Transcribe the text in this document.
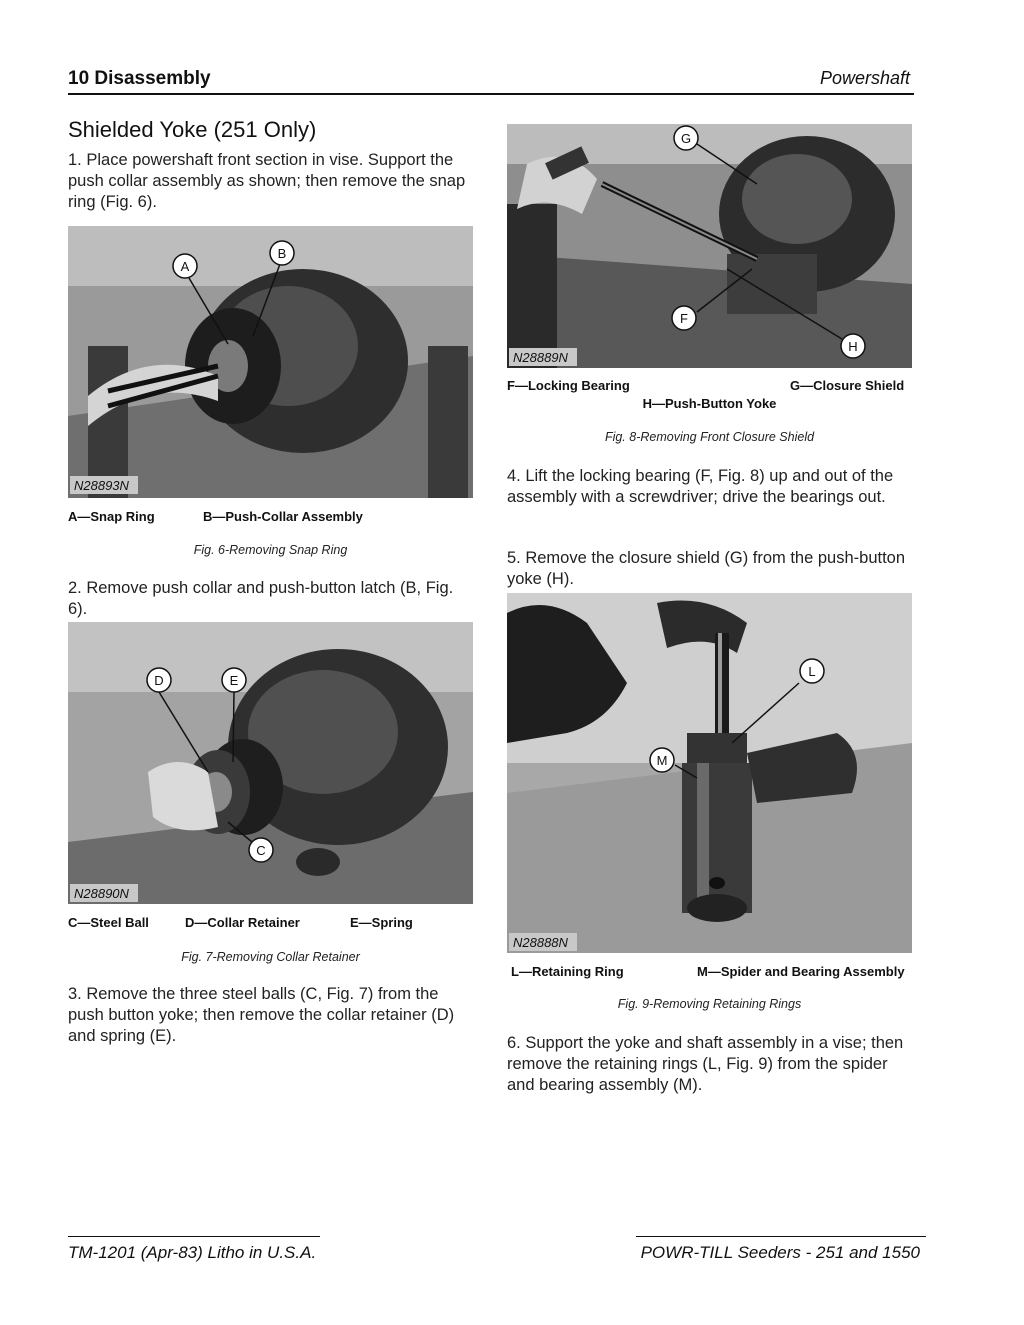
10 Disassembly	Powershaft
Shielded Yoke (251 Only)
1. Place powershaft front section in vise. Support the push collar assembly as shown; then remove the snap ring (Fig. 6).
A
B
N28893N
A—Snap Ring	B—Push-Collar Assembly
Fig. 6-Removing Snap Ring
2. Remove push collar and push-button latch (B, Fig. 6).
D	E
C
N28890N
C—Steel Ball	D—Collar Retainer	E—Spring
Fig. 7-Removing Collar Retainer
3. Remove the three steel balls (C, Fig. 7) from the push button yoke; then remove the collar retainer (D) and spring (E).
G
F
H
N28889N
F—Locking Bearing	G—Closure Shield
H—Push-Button Yoke
Fig. 8-Removing Front Closure Shield
4. Lift the locking bearing (F, Fig. 8) up and out of the assembly with a screwdriver; drive the bearings out.
5. Remove the closure shield (G) from the push-button yoke (H).
L
M
N28888N
L—Retaining Ring	M—Spider and Bearing Assembly
Fig. 9-Removing Retaining Rings
6. Support the yoke and shaft assembly in a vise; then remove the retaining rings (L, Fig. 9) from the spider and bearing assembly (M).
TM-1201 (Apr-83) Litho in U.S.A.	POWR-TILL Seeders - 251 and 1550
